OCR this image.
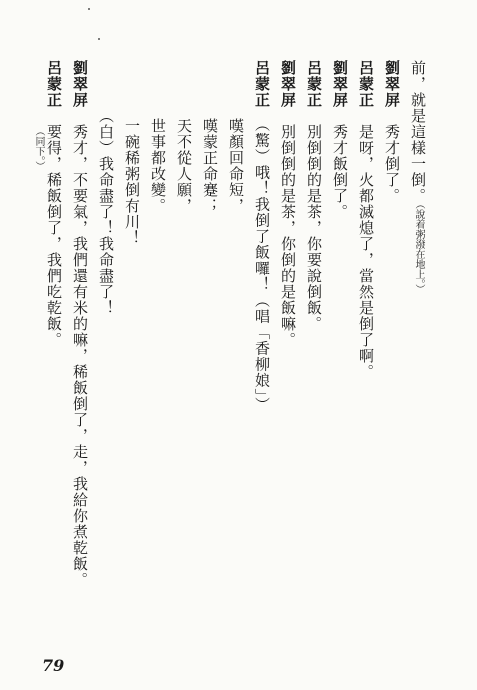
前，就是這樣一倒。（說着粥潑在地上。）
劉翠屏　秀才倒了。
呂蒙正　是呀，火都滅熄了，當然是倒了啊。
劉翠屏　秀才飯倒了。
呂蒙正　別倒倒的是茶，你要說倒飯。
劉翠屏　別倒倒的是茶，你倒的是飯嘛。
呂蒙正　（驚）哦！我倒了飯囉！（唱「香柳娘」）
嘆顏回命短，
嘆蒙正命蹇；
天不從人願，
世事都改變。
一碗稀粥倒𠕇川！
（白）我命盡了！我命盡了！
劉翠屏　秀才，不要氣，我們還有米的嘛，稀飯倒了，走，我給你煮乾飯。
呂蒙正　要得，稀飯倒了，我們吃乾飯。
（同下。）
79
